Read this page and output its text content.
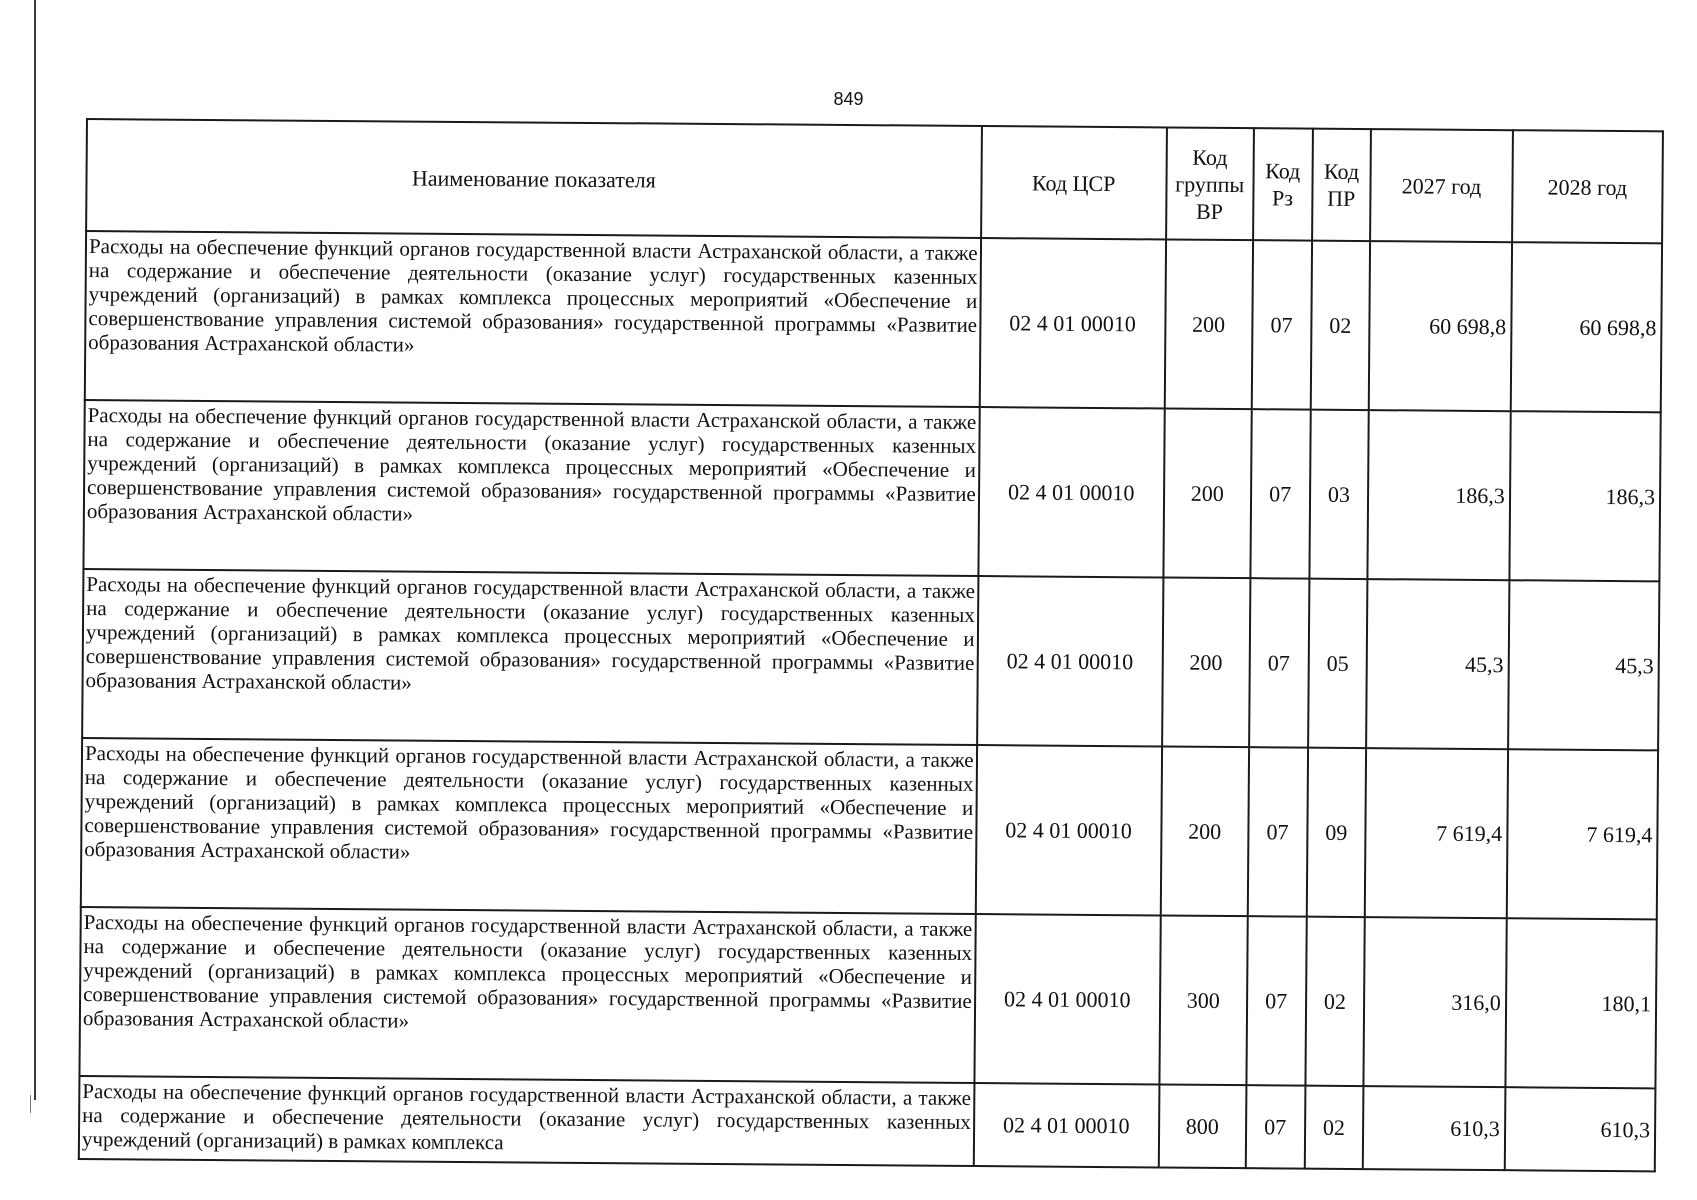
849
Наименование показателя	Код ЦСР	Код группы ВР	Код Рз	Код ПР	2027 год	2028 год
Расходы на обеспечение функций органов государственной власти Астраханской области, а также на содержание и обеспечение деятельности (оказание услуг) государственных казенных учреждений (организаций) в рамках комплекса процессных мероприятий «Обеспечение и совершенствование управления системой образования» государственной программы «Развитие образования Астраханской области»	02 4 01 00010	200	07	02	60 698,8	60 698,8
Расходы на обеспечение функций органов государственной власти Астраханской области, а также на содержание и обеспечение деятельности (оказание услуг) государственных казенных учреждений (организаций) в рамках комплекса процессных мероприятий «Обеспечение и совершенствование управления системой образования» государственной программы «Развитие образования Астраханской области»	02 4 01 00010	200	07	03	186,3	186,3
Расходы на обеспечение функций органов государственной власти Астраханской области, а также на содержание и обеспечение деятельности (оказание услуг) государственных казенных учреждений (организаций) в рамках комплекса процессных мероприятий «Обеспечение и совершенствование управления системой образования» государственной программы «Развитие образования Астраханской области»	02 4 01 00010	200	07	05	45,3	45,3
Расходы на обеспечение функций органов государственной власти Астраханской области, а также на содержание и обеспечение деятельности (оказание услуг) государственных казенных учреждений (организаций) в рамках комплекса процессных мероприятий «Обеспечение и совершенствование управления системой образования» государственной программы «Развитие образования Астраханской области»	02 4 01 00010	200	07	09	7 619,4	7 619,4
Расходы на обеспечение функций органов государственной власти Астраханской области, а также на содержание и обеспечение деятельности (оказание услуг) государственных казенных учреждений (организаций) в рамках комплекса процессных мероприятий «Обеспечение и совершенствование управления системой образования» государственной программы «Развитие образования Астраханской области»	02 4 01 00010	300	07	02	316,0	180,1

Расходы на обеспечение функций органов государственной власти Астраханской области, а также на содержание и обеспечение деятельности (оказание услуг) государственных казенных учреждений (организаций) в рамках комплекса	02 4 01 00010	800	07	02	610,3	610,3
